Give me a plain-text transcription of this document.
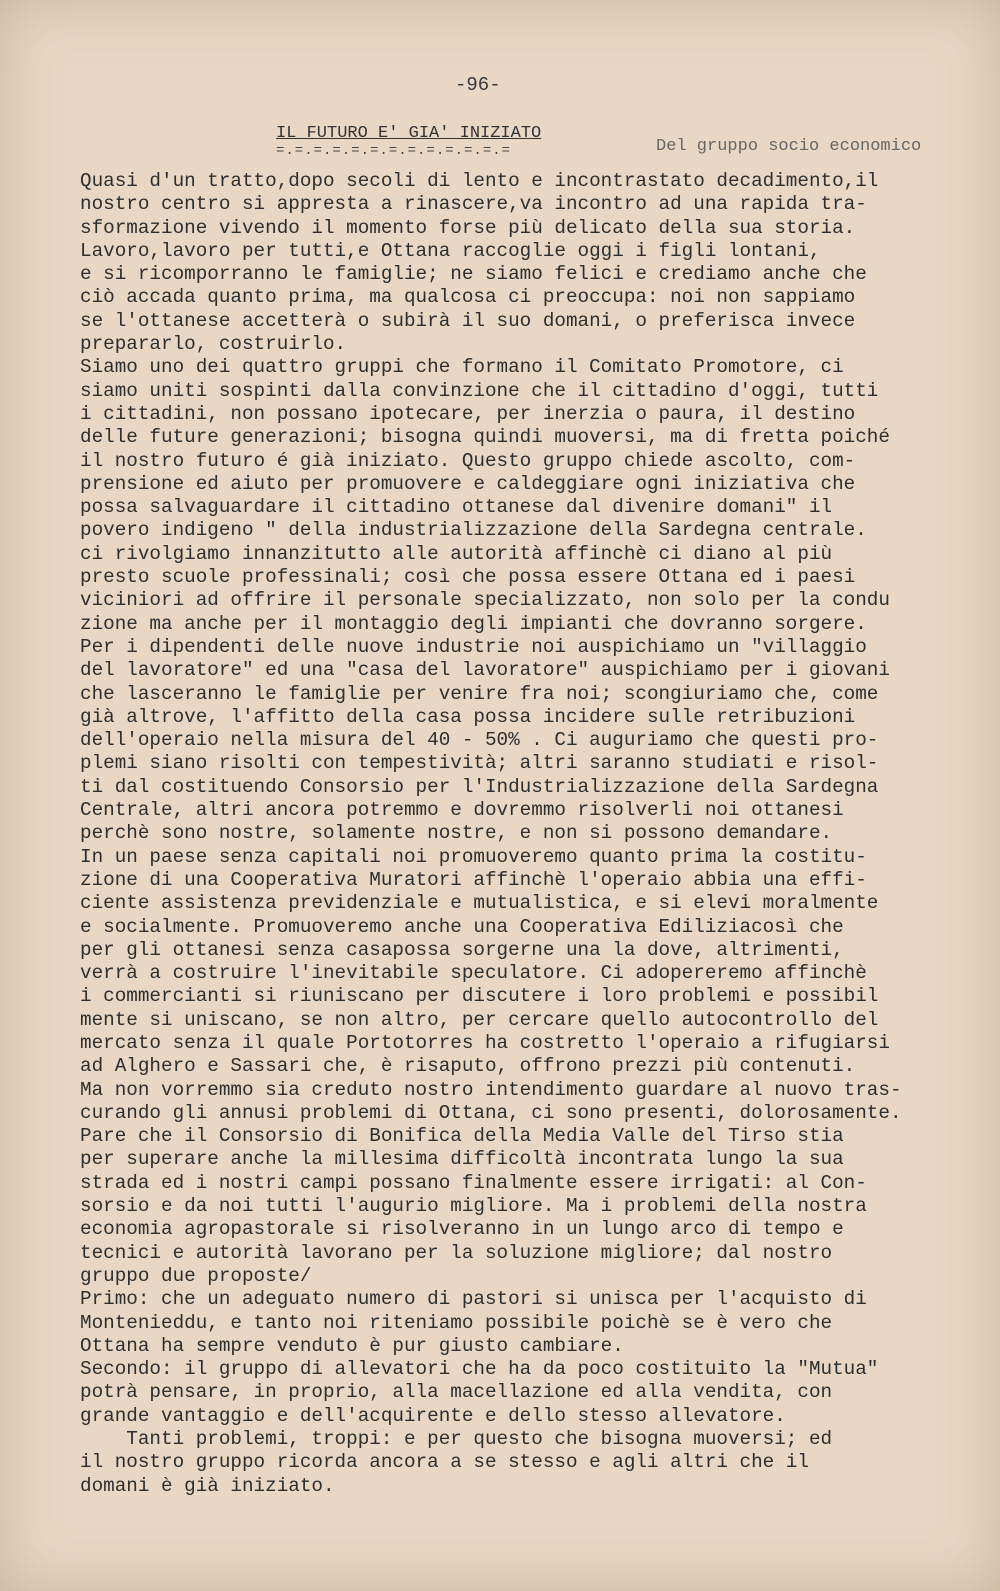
-96-
IL FUTURO E' GIA' INIZIATO
=.=.=.=.=.=.=.=.=.=.=.=.=	Del gruppo socio economico
Quasi d'un tratto,dopo secoli di lento e incontrastato decadimento,il
nostro centro si appresta a rinascere,va incontro ad una rapida tra-
sformazione vivendo il momento forse più delicato della sua storia.
Lavoro,lavoro per tutti,e Ottana raccoglie oggi i figli lontani,
e si ricomporranno le famiglie; ne siamo felici e crediamo anche che
ciò accada quanto prima, ma qualcosa ci preoccupa: noi non sappiamo
se l'ottanese accetterà o subirà il suo domani, o preferisca invece
prepararlo, costruirlo.
Siamo uno dei quattro gruppi che formano il Comitato Promotore, ci
siamo uniti sospinti dalla convinzione che il cittadino d'oggi, tutti
i cittadini, non possano ipotecare, per inerzia o paura, il destino
delle future generazioni; bisogna quindi muoversi, ma di fretta poiché
il nostro futuro é già iniziato. Questo gruppo chiede ascolto, com-
prensione ed aiuto per promuovere e caldeggiare ogni iniziativa che
possa salvaguardare il cittadino ottanese dal divenire domani" il
povero indigeno " della industrializzazione della Sardegna centrale.
ci rivolgiamo innanzitutto alle autorità affinchè ci diano al più
presto scuole professinali; così che possa essere Ottana ed i paesi
viciniori ad offrire il personale specializzato, non solo per la condu
zione ma anche per il montaggio degli impianti che dovranno sorgere.
Per i dipendenti delle nuove industrie noi auspichiamo un "villaggio
del lavoratore" ed una "casa del lavoratore" auspichiamo per i giovani
che lasceranno le famiglie per venire fra noi; scongiuriamo che, come
già altrove, l'affitto della casa possa incidere sulle retribuzioni
dell'operaio nella misura del 40 - 50% . Ci auguriamo che questi pro-
plemi siano risolti con tempestività; altri saranno studiati e risol-
ti dal costituendo Consorsio per l'Industrializzazione della Sardegna
Centrale, altri ancora potremmo e dovremmo risolverli noi ottanesi
perchè sono nostre, solamente nostre, e non si possono demandare.
In un paese senza capitali noi promuoveremo quanto prima la costitu-
zione di una Cooperativa Muratori affinchè l'operaio abbia una effi-
ciente assistenza previdenziale e mutualistica, e si elevi moralmente
e socialmente. Promuoveremo anche una Cooperativa Ediliziacosì che
per gli ottanesi senza casapossa sorgerne una la dove, altrimenti,
verrà a costruire l'inevitabile speculatore. Ci adopereremo affinchè
i commercianti si riuniscano per discutere i loro problemi e possibil
mente si uniscano, se non altro, per cercare quello autocontrollo del
mercato senza il quale Portotorres ha costretto l'operaio a rifugiarsi
ad Alghero e Sassari che, è risaputo, offrono prezzi più contenuti.
Ma non vorremmo sia creduto nostro intendimento guardare al nuovo tras-
curando gli annusi problemi di Ottana, ci sono presenti, dolorosamente.
Pare che il Consorsio di Bonifica della Media Valle del Tirso stia
per superare anche la millesima difficoltà incontrata lungo la sua
strada ed i nostri campi possano finalmente essere irrigati: al Con-
sorsio e da noi tutti l'augurio migliore. Ma i problemi della nostra
economia agropastorale si risolveranno in un lungo arco di tempo e
tecnici e autorità lavorano per la soluzione migliore; dal nostro
gruppo due proposte/
Primo: che un adeguato numero di pastori si unisca per l'acquisto di
Montenieddu, e tanto noi riteniamo possibile poichè se è vero che
Ottana ha sempre venduto è pur giusto cambiare.
Secondo: il gruppo di allevatori che ha da poco costituito la "Mutua"
potrà pensare, in proprio, alla macellazione ed alla vendita, con
grande vantaggio e dell'acquirente e dello stesso allevatore.
Tanti problemi, troppi: e per questo che bisogna muoversi; ed
il nostro gruppo ricorda ancora a se stesso e agli altri che il
domani è già iniziato.
